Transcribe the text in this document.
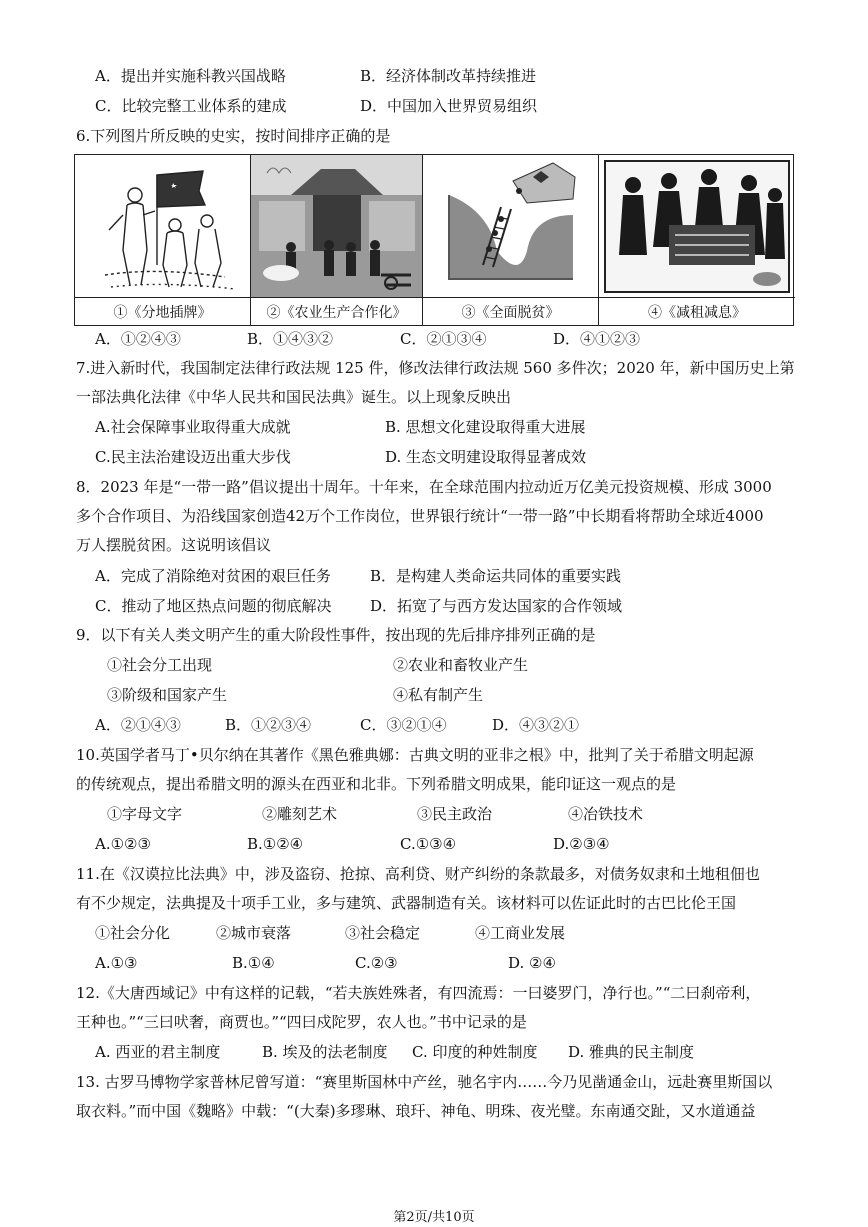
A．提出并实施科教兴国战略	B．经济体制改革持续推进
C．比较完整工业体系的建成	D．中国加入世界贸易组织
6.下列图片所反映的史实，按时间排序正确的是
①《分地插牌》	②《农业生产合作化》	③《全面脱贫》	④《减租减息》
A．①②④③	B．①④③②	C．②①③④	D．④①②③
7.进入新时代，我国制定法律行政法规 125 件，修改法律行政法规 560 多件次；2020 年，新中国历史上第
一部法典化法律《中华人民共和国民法典》诞生。以上现象反映出
A.社会保障事业取得重大成就	B. 思想文化建设取得重大进展
C.民主法治建设迈出重大步伐	D. 生态文明建设取得显著成效
8．2023 年是“一带一路”倡议提出十周年。十年来，在全球范围内拉动近万亿美元投资规模、形成 3000
多个合作项目、为沿线国家创造42万个工作岗位，世界银行统计“一带一路”中长期看将帮助全球近4000
万人摆脱贫困。这说明该倡议
A．完成了消除绝对贫困的艰巨任务	B．是构建人类命运共同体的重要实践
C．推动了地区热点问题的彻底解决	D．拓宽了与西方发达国家的合作领域
9．以下有关人类文明产生的重大阶段性事件，按出现的先后排序排列正确的是
①社会分工出现	②农业和畜牧业产生
③阶级和国家产生	④私有制产生
A．②①④③	B．①②③④	C．③②①④	D．④③②①
10.英国学者马丁•贝尔纳在其著作《黑色雅典娜：古典文明的亚非之根》中，批判了关于希腊文明起源
的传统观点，提出希腊文明的源头在西亚和北非。下列希腊文明成果，能印证这一观点的是
①字母文字	②雕刻艺术	③民主政治	④冶铁技术
A.①②③	B.①②④	C.①③④	D.②③④
11.在《汉谟拉比法典》中，涉及盗窃、抢掠、高利贷、财产纠纷的条款最多，对债务奴隶和土地租佃也
有不少规定，法典提及十项手工业，多与建筑、武器制造有关。该材料可以佐证此时的古巴比伦王国
①社会分化	②城市衰落	③社会稳定	④工商业发展
A.①③	B.①④	C.②③	D. ②④
12.《大唐西域记》中有这样的记载，“若夫族姓殊者，有四流焉：一曰婆罗门，净行也。”“二曰刹帝利，
王种也。”“三曰吠奢，商贾也。”“四曰戍陀罗，农人也。”书中记录的是
A. 西亚的君主制度	B. 埃及的法老制度 C. 印度的种姓制度 D. 雅典的民主制度
13. 古罗马博物学家普林尼曾写道：“赛里斯国林中产丝，驰名宇内……今乃见凿通金山，远赴赛里斯国以
取衣料。”而中国《魏略》中载：“(大秦)多璆琳、琅玕、神龟、明珠、夜光璧。东南通交趾，又水道通益
第2页/共10页
